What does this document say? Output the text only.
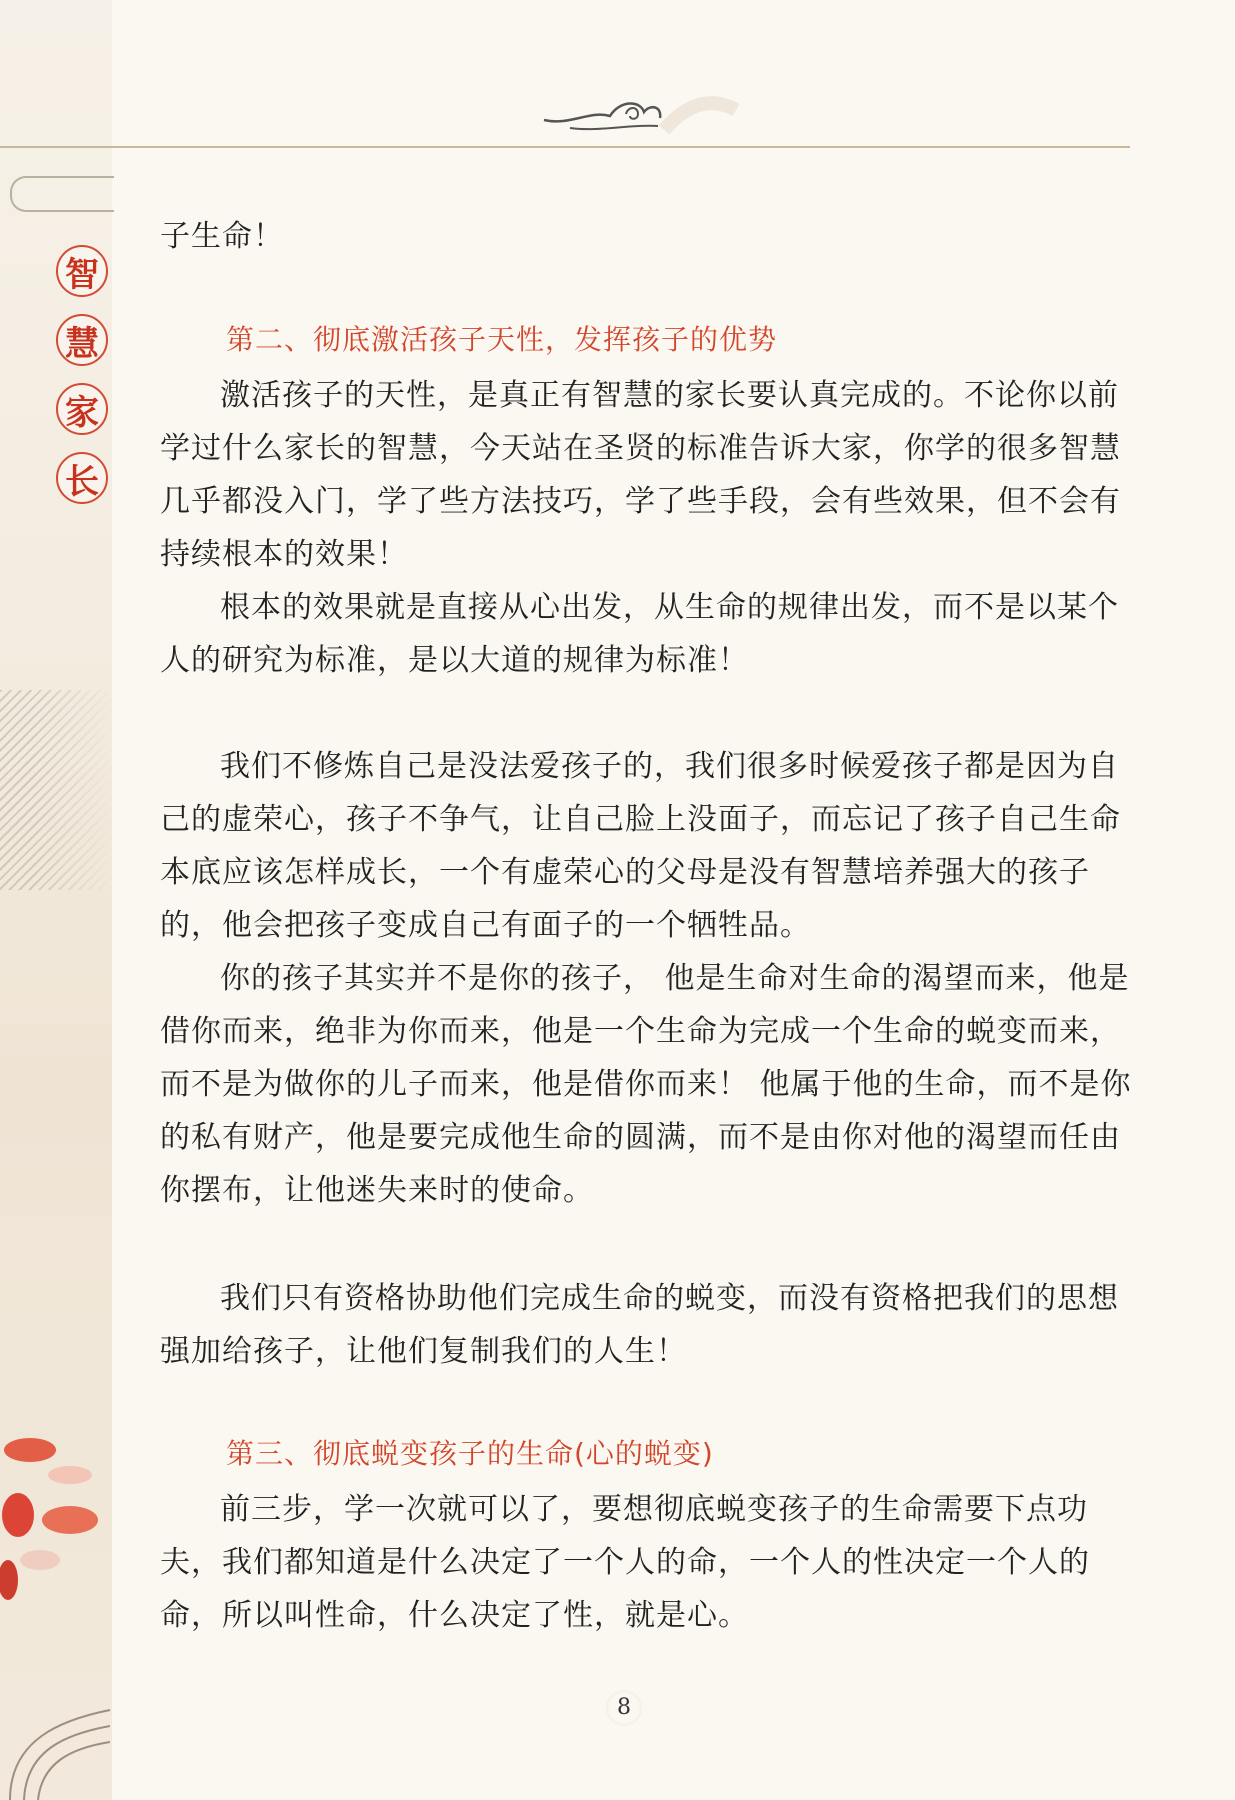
智
慧
家
长

子生命！

第二、彻底激活孩子天性，发挥孩子的优势

激活孩子的天性，是真正有智慧的家长要认真完成的。不论你以前学过什么家长的智慧，今天站在圣贤的标准告诉大家，你学的很多智慧几乎都没入门，学了些方法技巧，学了些手段，会有些效果，但不会有持续根本的效果！

根本的效果就是直接从心出发，从生命的规律出发，而不是以某个人的研究为标准，是以大道的规律为标准！

我们不修炼自己是没法爱孩子的，我们很多时候爱孩子都是因为自己的虚荣心，孩子不争气，让自己脸上没面子，而忘记了孩子自己生命本底应该怎样成长，一个有虚荣心的父母是没有智慧培养强大的孩子的，他会把孩子变成自己有面子的一个牺牲品。

你的孩子其实并不是你的孩子， 他是生命对生命的渴望而来，他是借你而来，绝非为你而来，他是一个生命为完成一个生命的蜕变而来，而不是为做你的儿子而来，他是借你而来！ 他属于他的生命，而不是你的私有财产，他是要完成他生命的圆满，而不是由你对他的渴望而任由你摆布，让他迷失来时的使命。

我们只有资格协助他们完成生命的蜕变，而没有资格把我们的思想强加给孩子，让他们复制我们的人生！

第三、彻底蜕变孩子的生命(心的蜕变)

前三步，学一次就可以了，要想彻底蜕变孩子的生命需要下点功夫，我们都知道是什么决定了一个人的命，一个人的性决定一个人的命，所以叫性命，什么决定了性，就是心。

8
